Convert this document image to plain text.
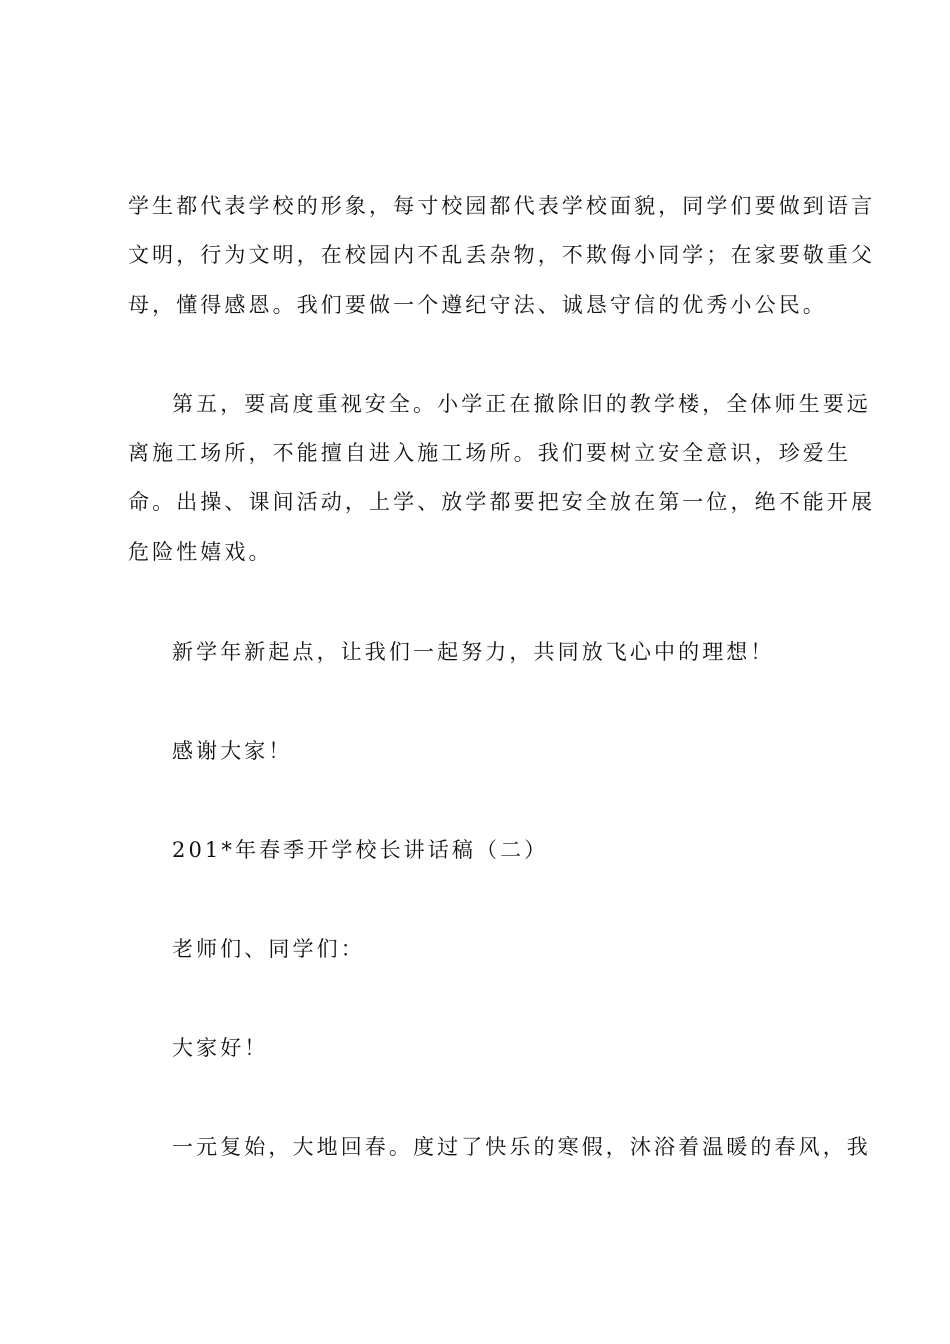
学生都代表学校的形象，每寸校园都代表学校面貌，同学们要做到语言
文明，行为文明，在校园内不乱丢杂物，不欺侮小同学；在家要敬重父
母，懂得感恩。我们要做一个遵纪守法、诚恳守信的优秀小公民。
第五，要高度重视安全。小学正在撤除旧的教学楼，全体师生要远
离施工场所，不能擅自进入施工场所。我们要树立安全意识，珍爱生
命。出操、课间活动，上学、放学都要把安全放在第一位，绝不能开展
危险性嬉戏。
新学年新起点，让我们一起努力，共同放飞心中的理想！
感谢大家！
201*年春季开学校长讲话稿（二）
老师们、同学们：
大家好！
一元复始，大地回春。度过了快乐的寒假，沐浴着温暖的春风，我
